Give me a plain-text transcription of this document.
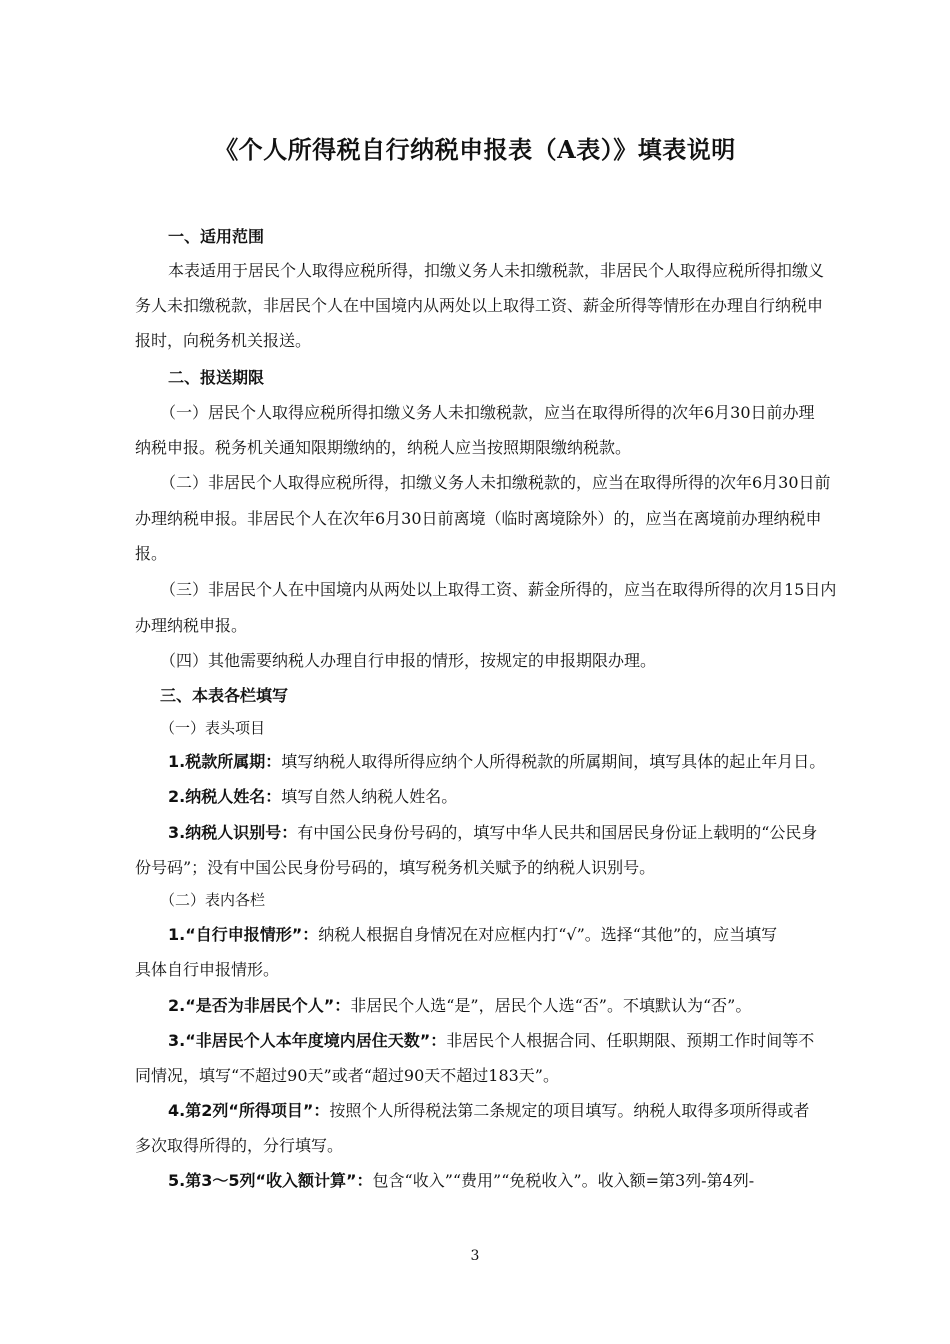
《个人所得税自行纳税申报表（A表）》填表说明
一、适用范围
本表适用于居民个人取得应税所得，扣缴义务人未扣缴税款，非居民个人取得应税所得扣缴义
务人未扣缴税款，非居民个人在中国境内从两处以上取得工资、薪金所得等情形在办理自行纳税申
报时，向税务机关报送。
二、报送期限
（一）居民个人取得应税所得扣缴义务人未扣缴税款，应当在取得所得的次年6月30日前办理
纳税申报。税务机关通知限期缴纳的，纳税人应当按照期限缴纳税款。
（二）非居民个人取得应税所得，扣缴义务人未扣缴税款的，应当在取得所得的次年6月30日前
办理纳税申报。非居民个人在次年6月30日前离境（临时离境除外）的，应当在离境前办理纳税申
报。
（三）非居民个人在中国境内从两处以上取得工资、薪金所得的，应当在取得所得的次月15日内
办理纳税申报。
（四）其他需要纳税人办理自行申报的情形，按规定的申报期限办理。
三、本表各栏填写
（一）表头项目
1.税款所属期：填写纳税人取得所得应纳个人所得税款的所属期间，填写具体的起止年月日。
2.纳税人姓名：填写自然人纳税人姓名。
3.纳税人识别号：有中国公民身份号码的，填写中华人民共和国居民身份证上载明的“公民身
份号码”；没有中国公民身份号码的，填写税务机关赋予的纳税人识别号。
（二）表内各栏
1.“自行申报情形”：纳税人根据自身情况在对应框内打“√”。选择“其他”的，应当填写
具体自行申报情形。
2.“是否为非居民个人”：非居民个人选“是”，居民个人选“否”。不填默认为“否”。
3.“非居民个人本年度境内居住天数”：非居民个人根据合同、任职期限、预期工作时间等不
同情况，填写“不超过90天”或者“超过90天不超过183天”。
4.第2列“所得项目”：按照个人所得税法第二条规定的项目填写。纳税人取得多项所得或者
多次取得所得的，分行填写。
5.第3～5列“收入额计算”：包含“收入”“费用”“免税收入”。收入额=第3列-第4列-
3
